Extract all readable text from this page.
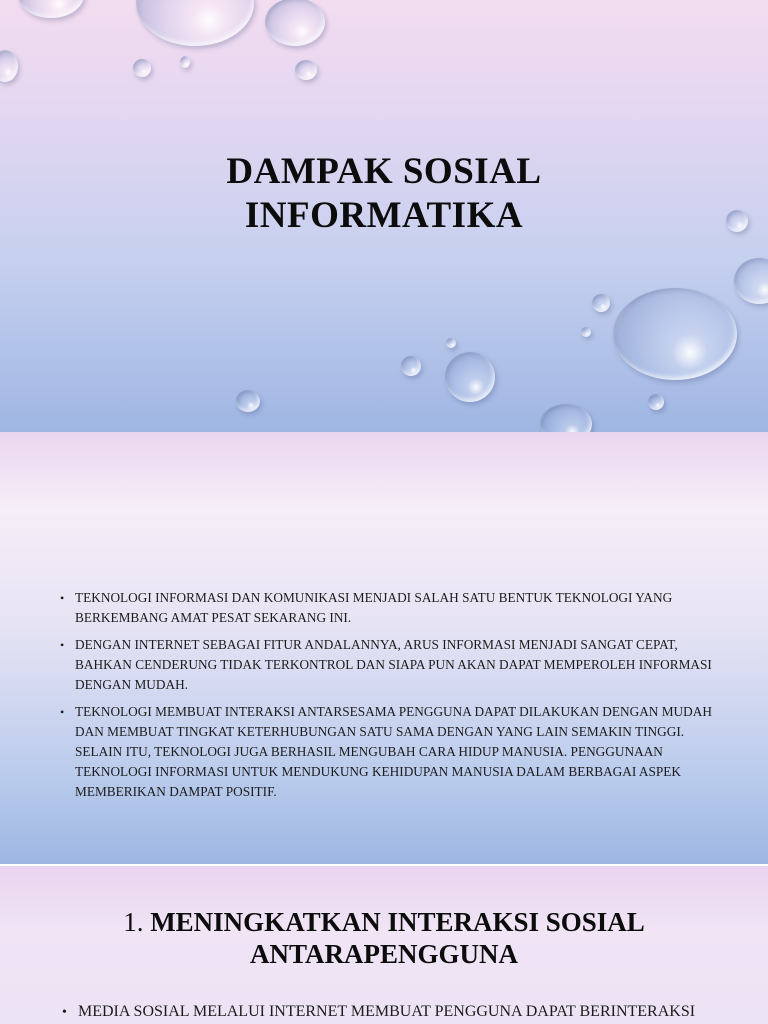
DAMPAK SOSIAL
INFORMATIKA
• TEKNOLOGI INFORMASI DAN KOMUNIKASI MENJADI SALAH SATU BENTUK TEKNOLOGI YANG BERKEMBANG AMAT PESAT SEKARANG INI.
• DENGAN INTERNET SEBAGAI FITUR ANDALANNYA, ARUS INFORMASI MENJADI SANGAT CEPAT, BAHKAN CENDERUNG TIDAK TERKONTROL DAN SIAPA PUN AKAN DAPAT MEMPEROLEH INFORMASI DENGAN MUDAH.
• TEKNOLOGI MEMBUAT INTERAKSI ANTARSESAMA PENGGUNA DAPAT DILAKUKAN DENGAN MUDAH DAN MEMBUAT TINGKAT KETERHUBUNGAN SATU SAMA DENGAN YANG LAIN SEMAKIN TINGGI. SELAIN ITU, TEKNOLOGI JUGA BERHASIL MENGUBAH CARA HIDUP MANUSIA. PENGGUNAAN TEKNOLOGI INFORMASI UNTUK MENDUKUNG KEHIDUPAN MANUSIA DALAM BERBAGAI ASPEK MEMBERIKAN DAMPAT POSITIF.
1. MENINGKATKAN INTERAKSI SOSIAL
ANTARAPENGGUNA
• MEDIA SOSIAL MELALUI INTERNET MEMBUAT PENGGUNA DAPAT BERINTERAKSI
